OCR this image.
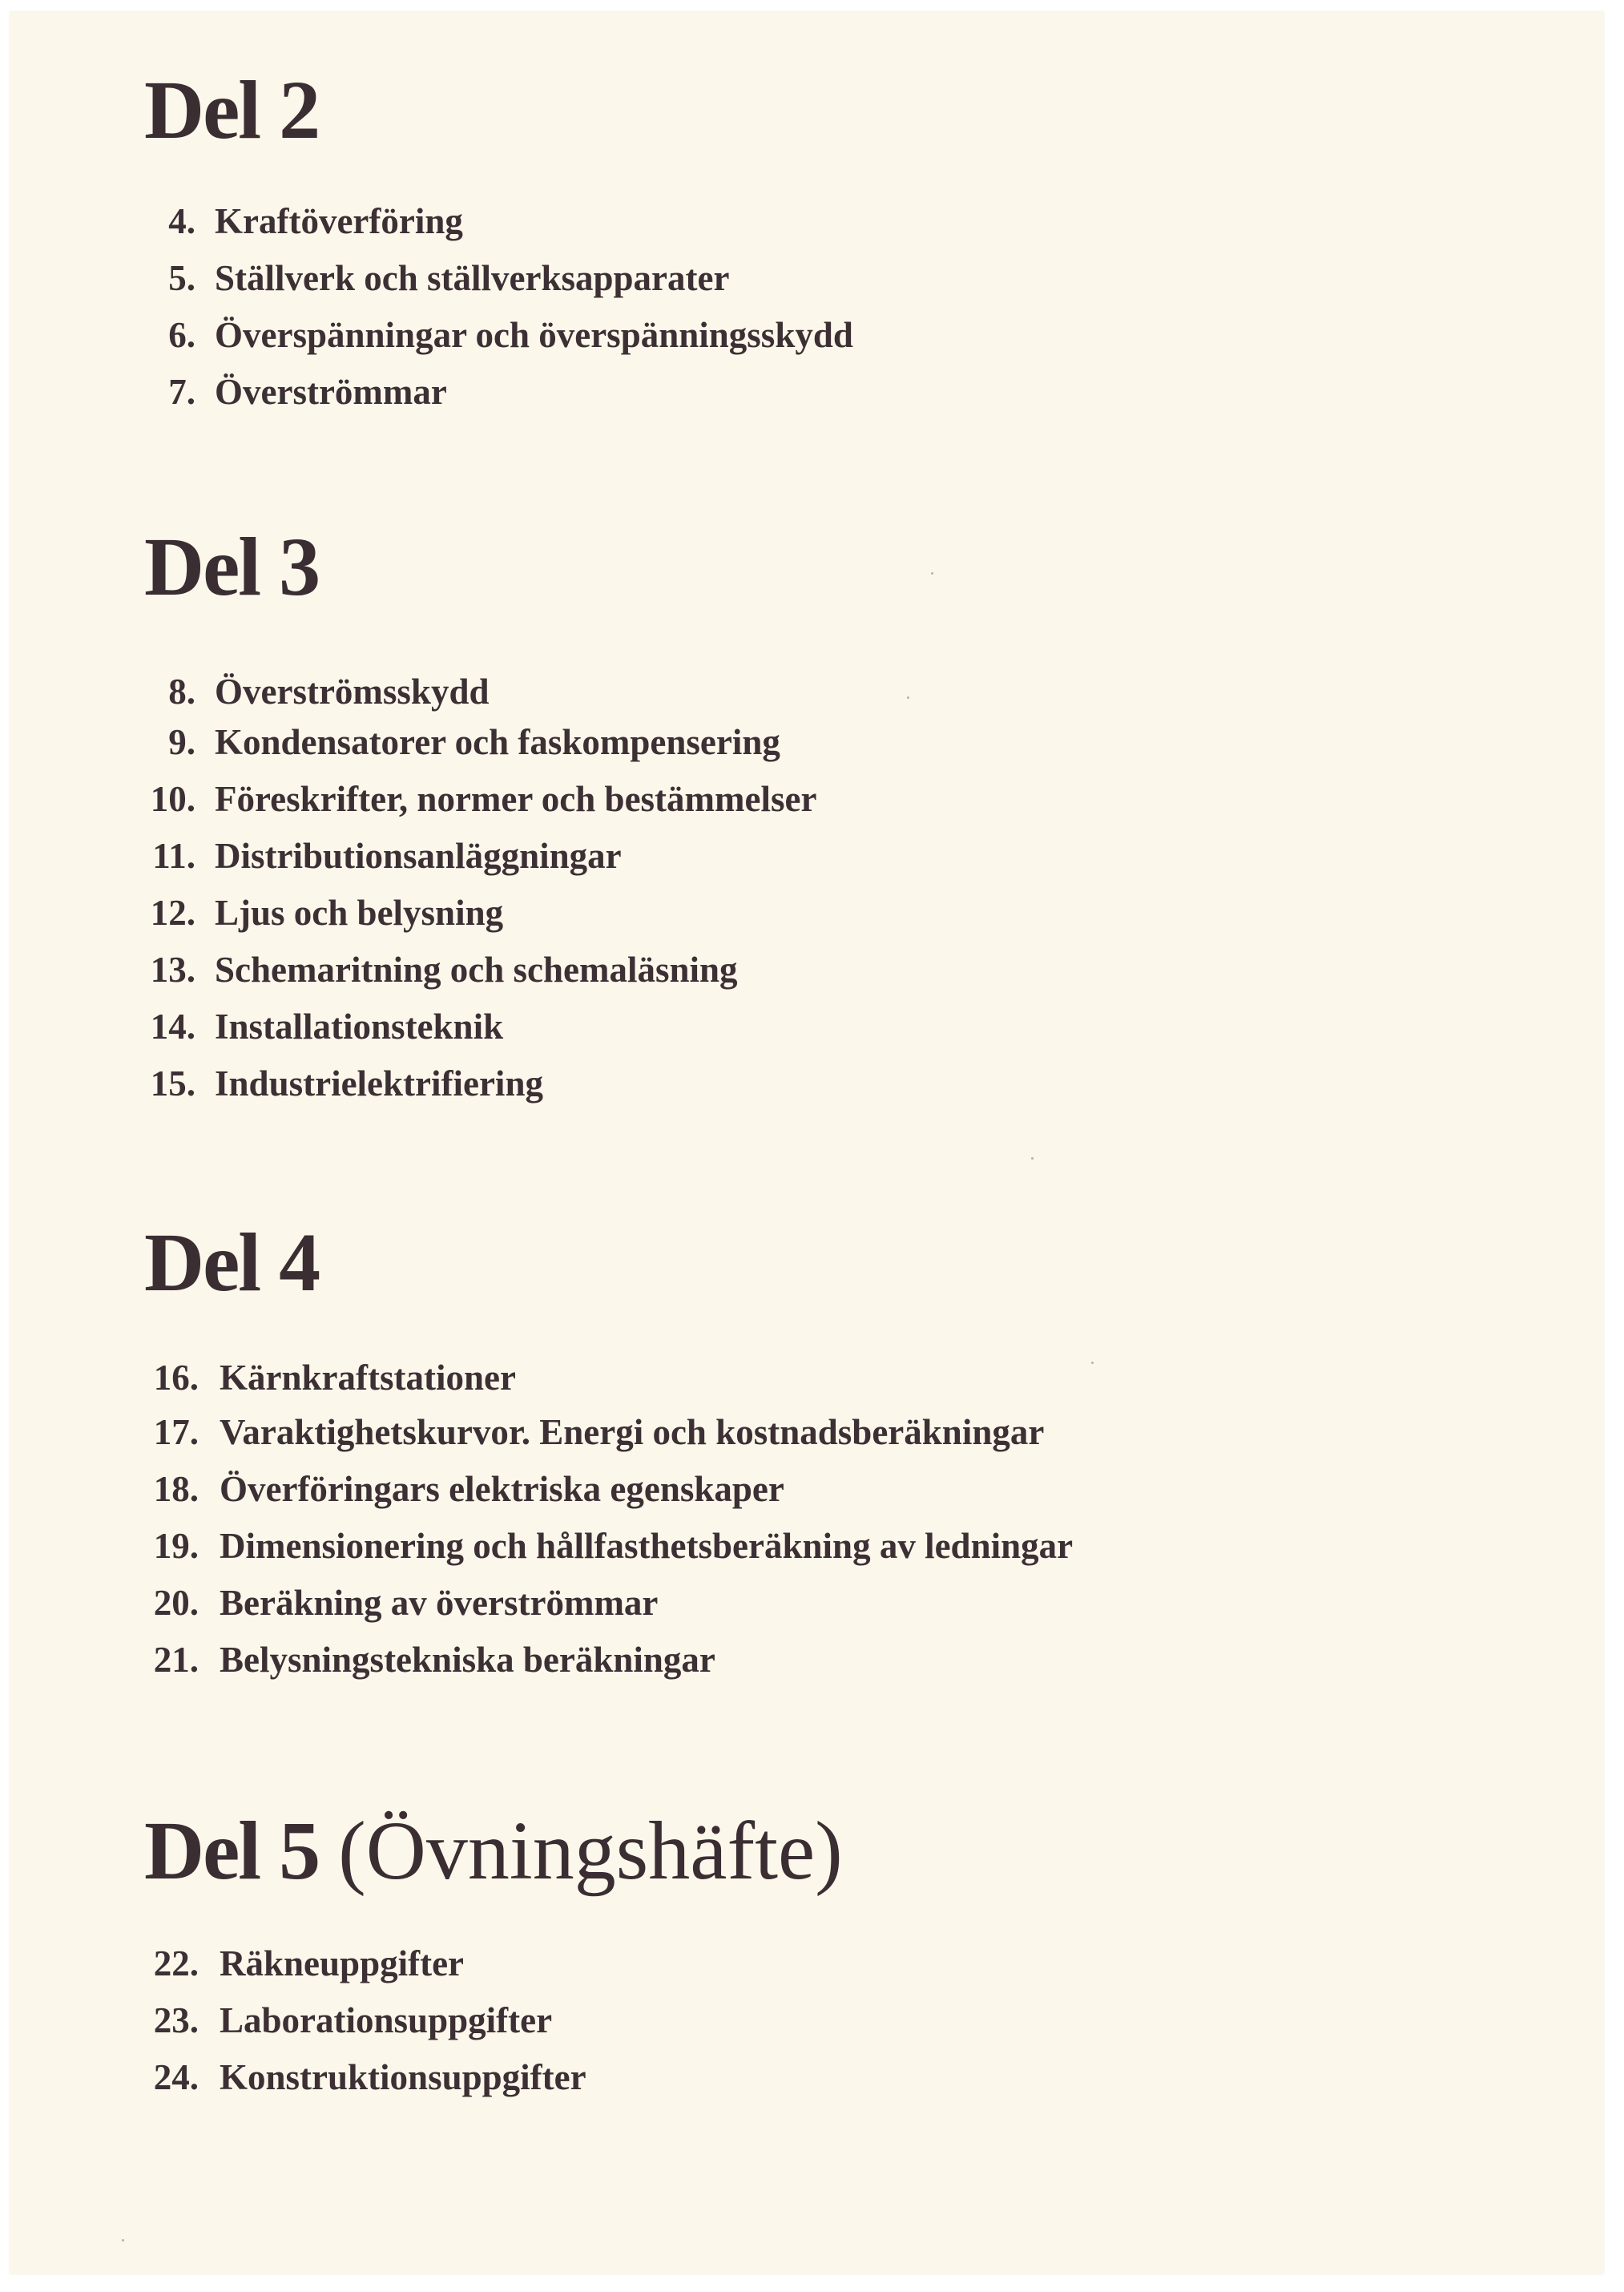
Del 2
4. Kraftöverföring
5. Ställverk och ställverksapparater
6. Överspänningar och överspänningsskydd
7. Överströmmar
Del 3
8. Överströmsskydd
9. Kondensatorer och faskompensering
10. Föreskrifter, normer och bestämmelser
11. Distributionsanläggningar
12. Ljus och belysning
13. Schemaritning och schemaläsning
14. Installationsteknik
15. Industrielektrifiering
Del 4
16. Kärnkraftstationer
17. Varaktighetskurvor. Energi och kostnadsberäkningar
18. Överföringars elektriska egenskaper
19. Dimensionering och hållfasthetsberäkning av ledningar
20. Beräkning av överströmmar
21. Belysningstekniska beräkningar
Del 5 (Övningshäfte)
22. Räkneuppgifter
23. Laborationsuppgifter
24. Konstruktionsuppgifter
